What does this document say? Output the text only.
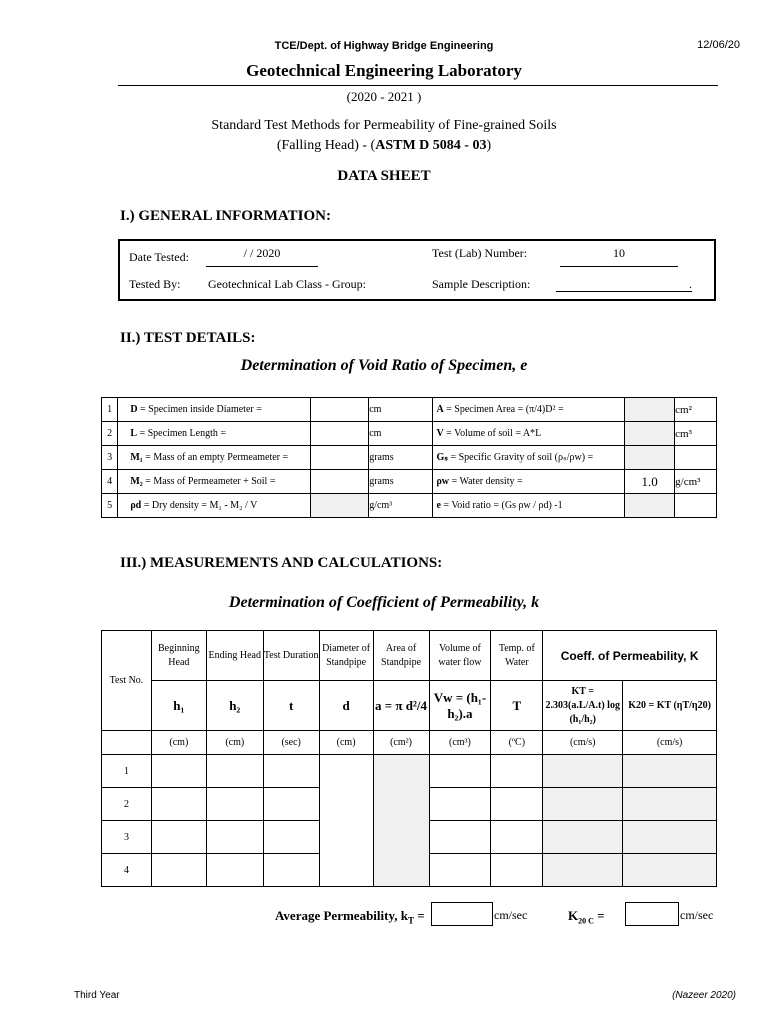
TCE/Dept. of Highway Bridge Engineering	12/06/20
Geotechnical Engineering Laboratory
(2020 - 2021 )
Standard Test Methods for Permeability of Fine-grained Soils
(Falling Head) - (ASTM D 5084 - 03)
DATA SHEET
I.) GENERAL INFORMATION:
Date Tested:	/ / 2020	Test (Lab) Number:	10
Tested By: Geotechnical Lab Class - Group:	Sample Description:	.
II.) TEST DETAILS:
Determination of Void Ratio of Specimen, e
1	D = Specimen inside Diameter =		cm	A = Specimen Area = (π/4)D² =		cm²
2	L = Specimen Length =		cm	V = Volume of soil = A*L		cm³
3	M₁ = Mass of an empty Permeameter =		grams	Gₛ = Specific Gravity of soil (ρₛ/ρw) =		
4	M₂ = Mass of Permeameter + Soil =		grams	ρw = Water density =	1.0	g/cm³
5	ρd = Dry density = M₁ - M₂ / V		g/cm³	e = Void ratio = (Gs ρw / ρd) -1		
III.) MEASUREMENTS AND CALCULATIONS:
Determination of Coefficient of Permeability, k
Test No.	Beginning Head	Ending Head	Test Duration	Diameter of Standpipe	Area of Standpipe	Volume of water flow	Temp. of Water	Coeff. of Permeability, K	
	h₁	h₂	t	d	a = π d²/4	Vw = (h₁-h₂).a	T	KT = 2.303(a.L/A.t) log (h₁/h₂)	K20 = KT (ηT/η20)
	(cm)	(cm)	(sec)	(cm)	(cm²)	(cm³)	(ºC)	(cm/s)	(cm/s)
1									
2									
3									
4									
Average Permeability, $k_T$ =	cm/sec	$K_{20 C}$ =	cm/sec
Third Year	(Nazeer 2020)
